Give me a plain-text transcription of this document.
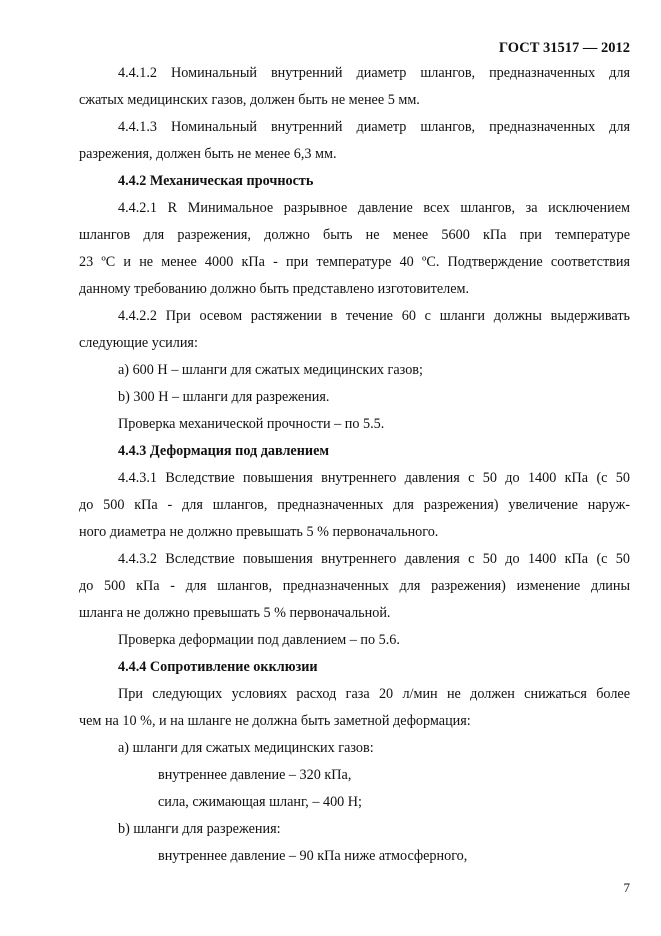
ГОСТ 31517 — 2012

4.4.1.2 Номинальный внутренний диаметр шлангов, предназначенных для

сжатых медицинских газов, должен быть не менее 5 мм.

4.4.1.3 Номинальный внутренний диаметр шлангов, предназначенных для

разрежения, должен быть не менее 6,3 мм.

4.4.2 Механическая прочность

4.4.2.1 R Минимальное разрывное давление всех шлангов, за исключением

шлангов для разрежения, должно быть не менее 5600 кПа при температуре

23 ºС и не менее 4000 кПа - при температуре 40 ºС. Подтверждение соответствия

данному требованию должно быть представлено изготовителем.

4.4.2.2 При осевом растяжении в течение 60 с шланги должны выдерживать

следующие усилия:

a) 600 Н – шланги для сжатых медицинских газов;

b) 300 Н – шланги для разрежения.

Проверка механической прочности – по 5.5.

4.4.3 Деформация под давлением

4.4.3.1 Вследствие повышения внутреннего давления с 50 до 1400 кПа (с 50

до 500 кПа - для шлангов, предназначенных для разрежения) увеличение наруж-

ного диаметра не должно превышать 5 % первоначального.

4.4.3.2 Вследствие повышения внутреннего давления с 50 до 1400 кПа (с 50

до 500 кПа - для шлангов, предназначенных для разрежения) изменение длины

шланга не должно превышать 5 % первоначальной.

Проверка деформации под давлением – по 5.6.

4.4.4 Сопротивление окклюзии

При следующих условиях расход газа 20 л/мин не должен снижаться более

чем на 10 %, и на шланге не должна быть заметной деформация:

а) шланги для сжатых медицинских газов:

внутреннее давление – 320 кПа,

сила, сжимающая шланг, – 400 Н;

b) шланги для разрежения:

внутреннее давление – 90 кПа ниже атмосферного,

7
